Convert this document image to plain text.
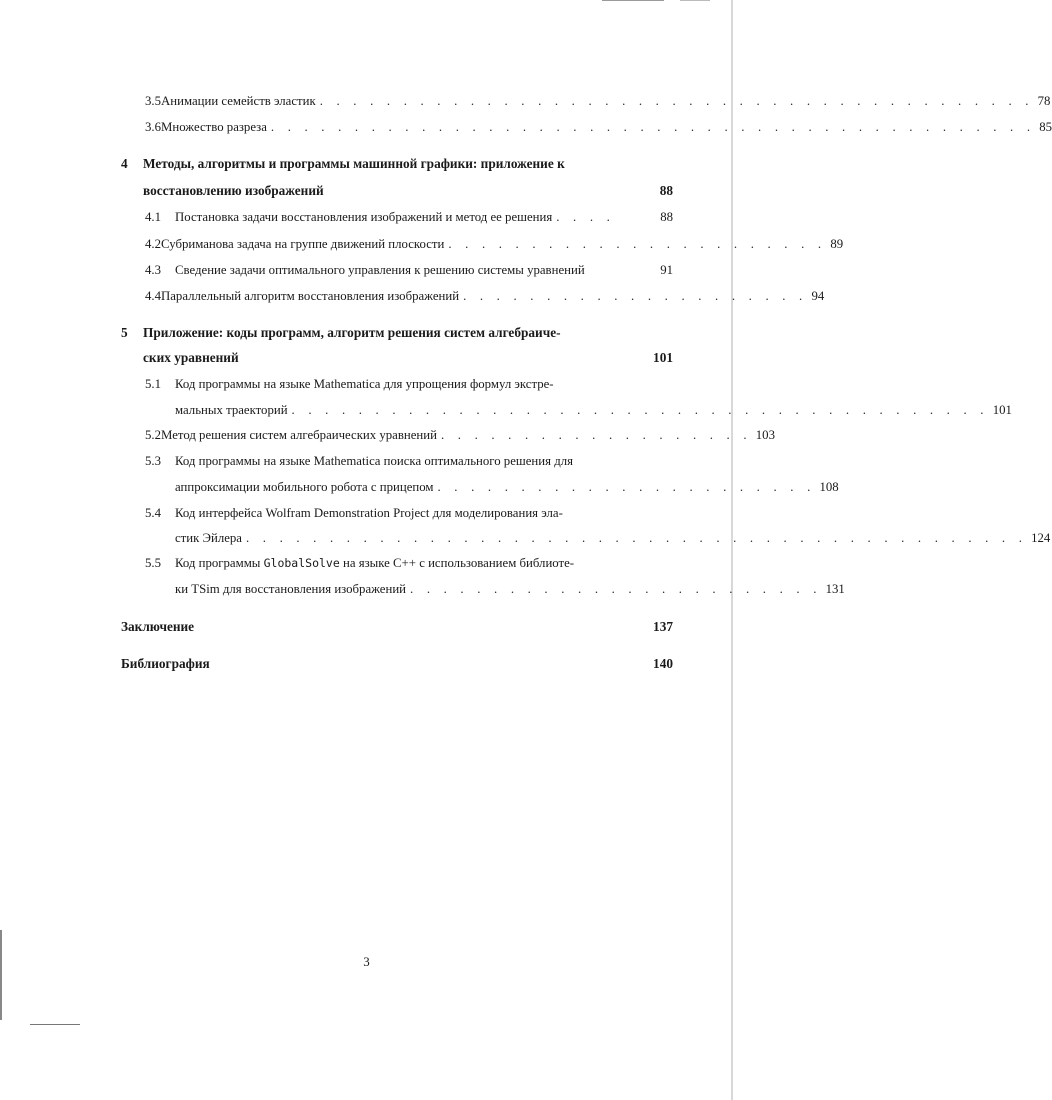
3.5 Анимации семейств эластик . . . . . . . . . . . . . . . . . . . . . . . . . . . . . . . . . . . . . . . . . . . 78
3.6 Множество разреза . . . . . . . . . . . . . . . . . . . . . . . . . . . . . . . . . . . . . . . . . . . . . . 85
4	Методы, алгоритмы и программы машинной графики: приложение к
восстановлению изображений	88
4.1	Постановка задачи восстановления изображений и метод ее решения . . . .	88
4.2 Субриманова задача на группе движений плоскости . . . . . . . . . . . . . . . . . . . . . . . 89
4.3	Сведение задачи оптимального управления к решению системы уравнений	91
4.4 Параллельный алгоритм восстановления изображений . . . . . . . . . . . . . . . . . . . . . 94
5	Приложение: коды программ, алгоритм решения систем алгебраиче-
ских уравнений	101
5.1	Код программы на языке Mathematica для упрощения формул экстре-
мальных траекторий . . . . . . . . . . . . . . . . . . . . . . . . . . . . . . . . . . . . . . . . . . 101
5.2 Метод решения систем алгебраических уравнений . . . . . . . . . . . . . . . . . . . 103
5.3	Код программы на языке Mathematica поиска оптимального решения для
аппроксимации мобильного робота с прицепом . . . . . . . . . . . . . . . . . . . . . . . 108
5.4	Код интерфейса Wolfram Demonstration Project для моделирования эла-
стик Эйлера . . . . . . . . . . . . . . . . . . . . . . . . . . . . . . . . . . . . . . . . . . . . . . . 124
5.5	Код программы GlobalSolve на языке C++ с использованием библиоте-
ки TSim для восстановления изображений . . . . . . . . . . . . . . . . . . . . . . . . . 131
Заключение	137
Библиография	140
3
